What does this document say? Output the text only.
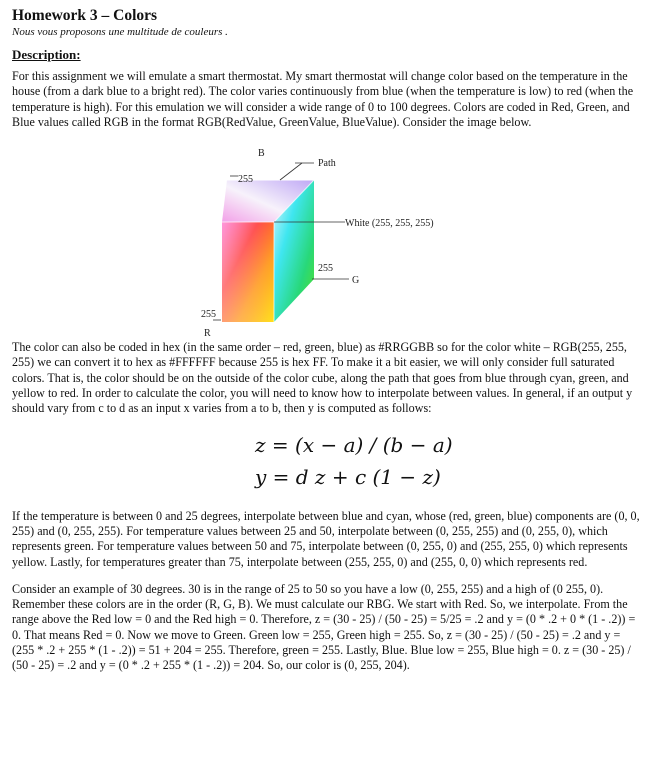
Homework 3 – Colors

Nous vous proposons une multitude de couleurs .

Description:

For this assignment we will emulate a smart thermostat. My smart thermostat will change color based on the temperature in the house (from a dark blue to a bright red). The color varies continuously from blue (when the temperature is low) to red (when the temperature is high). For this emulation we will consider a wide range of 0 to 100 degrees. Colors are coded in Red, Green, and Blue values called RGB in the format RGB(RedValue, GreenValue, BlueValue). Consider the image below.

B
Path
255
White (255, 255, 255)
255
G
255
R

The color can also be coded in hex (in the same order – red, green, blue) as #RRGGBB so for the color white – RGB(255, 255, 255) we can convert it to hex as #FFFFFF because 255 is hex FF. To make it a bit easier, we will only consider full saturated colors. That is, the color should be on the outside of the color cube, along the path that goes from blue through cyan, green, and yellow to red. In order to calculate the color, you will need to know how to interpolate between values. In general, if an output y should vary from c to d as an input x varies from a to b, then y is computed as follows:

z = (x − a) / (b − a)
y = d z + c (1 − z)

If the temperature is between 0 and 25 degrees, interpolate between blue and cyan, whose (red, green, blue) components are (0, 0, 255) and (0, 255, 255). For temperature values between 25 and 50, interpolate between (0, 255, 255) and (0, 255, 0), which represents green. For temperature values between 50 and 75, interpolate between (0, 255, 0) and (255, 255, 0) which represents yellow. Lastly, for temperatures greater than 75, interpolate between (255, 255, 0) and (255, 0, 0) which represents red.

Consider an example of 30 degrees. 30 is in the range of 25 to 50 so you have a low (0, 255, 255) and a high of (0 255, 0). Remember these colors are in the order (R, G, B). We must calculate our RBG. We start with Red. So, we interpolate. From the range above the Red low = 0 and the Red high = 0. Therefore, z = (30 - 25) / (50 - 25) = 5/25 = .2 and y = (0 * .2 + 0 * (1 - .2)) = 0. That means Red = 0. Now we move to Green. Green low = 255, Green high = 255. So, z = (30 - 25) / (50 - 25) = .2 and y = (255 * .2 + 255 * (1 - .2)) = 51 + 204 = 255. Therefore, green = 255. Lastly, Blue. Blue low = 255, Blue high = 0. z = (30 - 25) / (50 - 25) = .2 and y = (0 * .2 + 255 * (1 - .2)) = 204. So, our color is (0, 255, 204).
